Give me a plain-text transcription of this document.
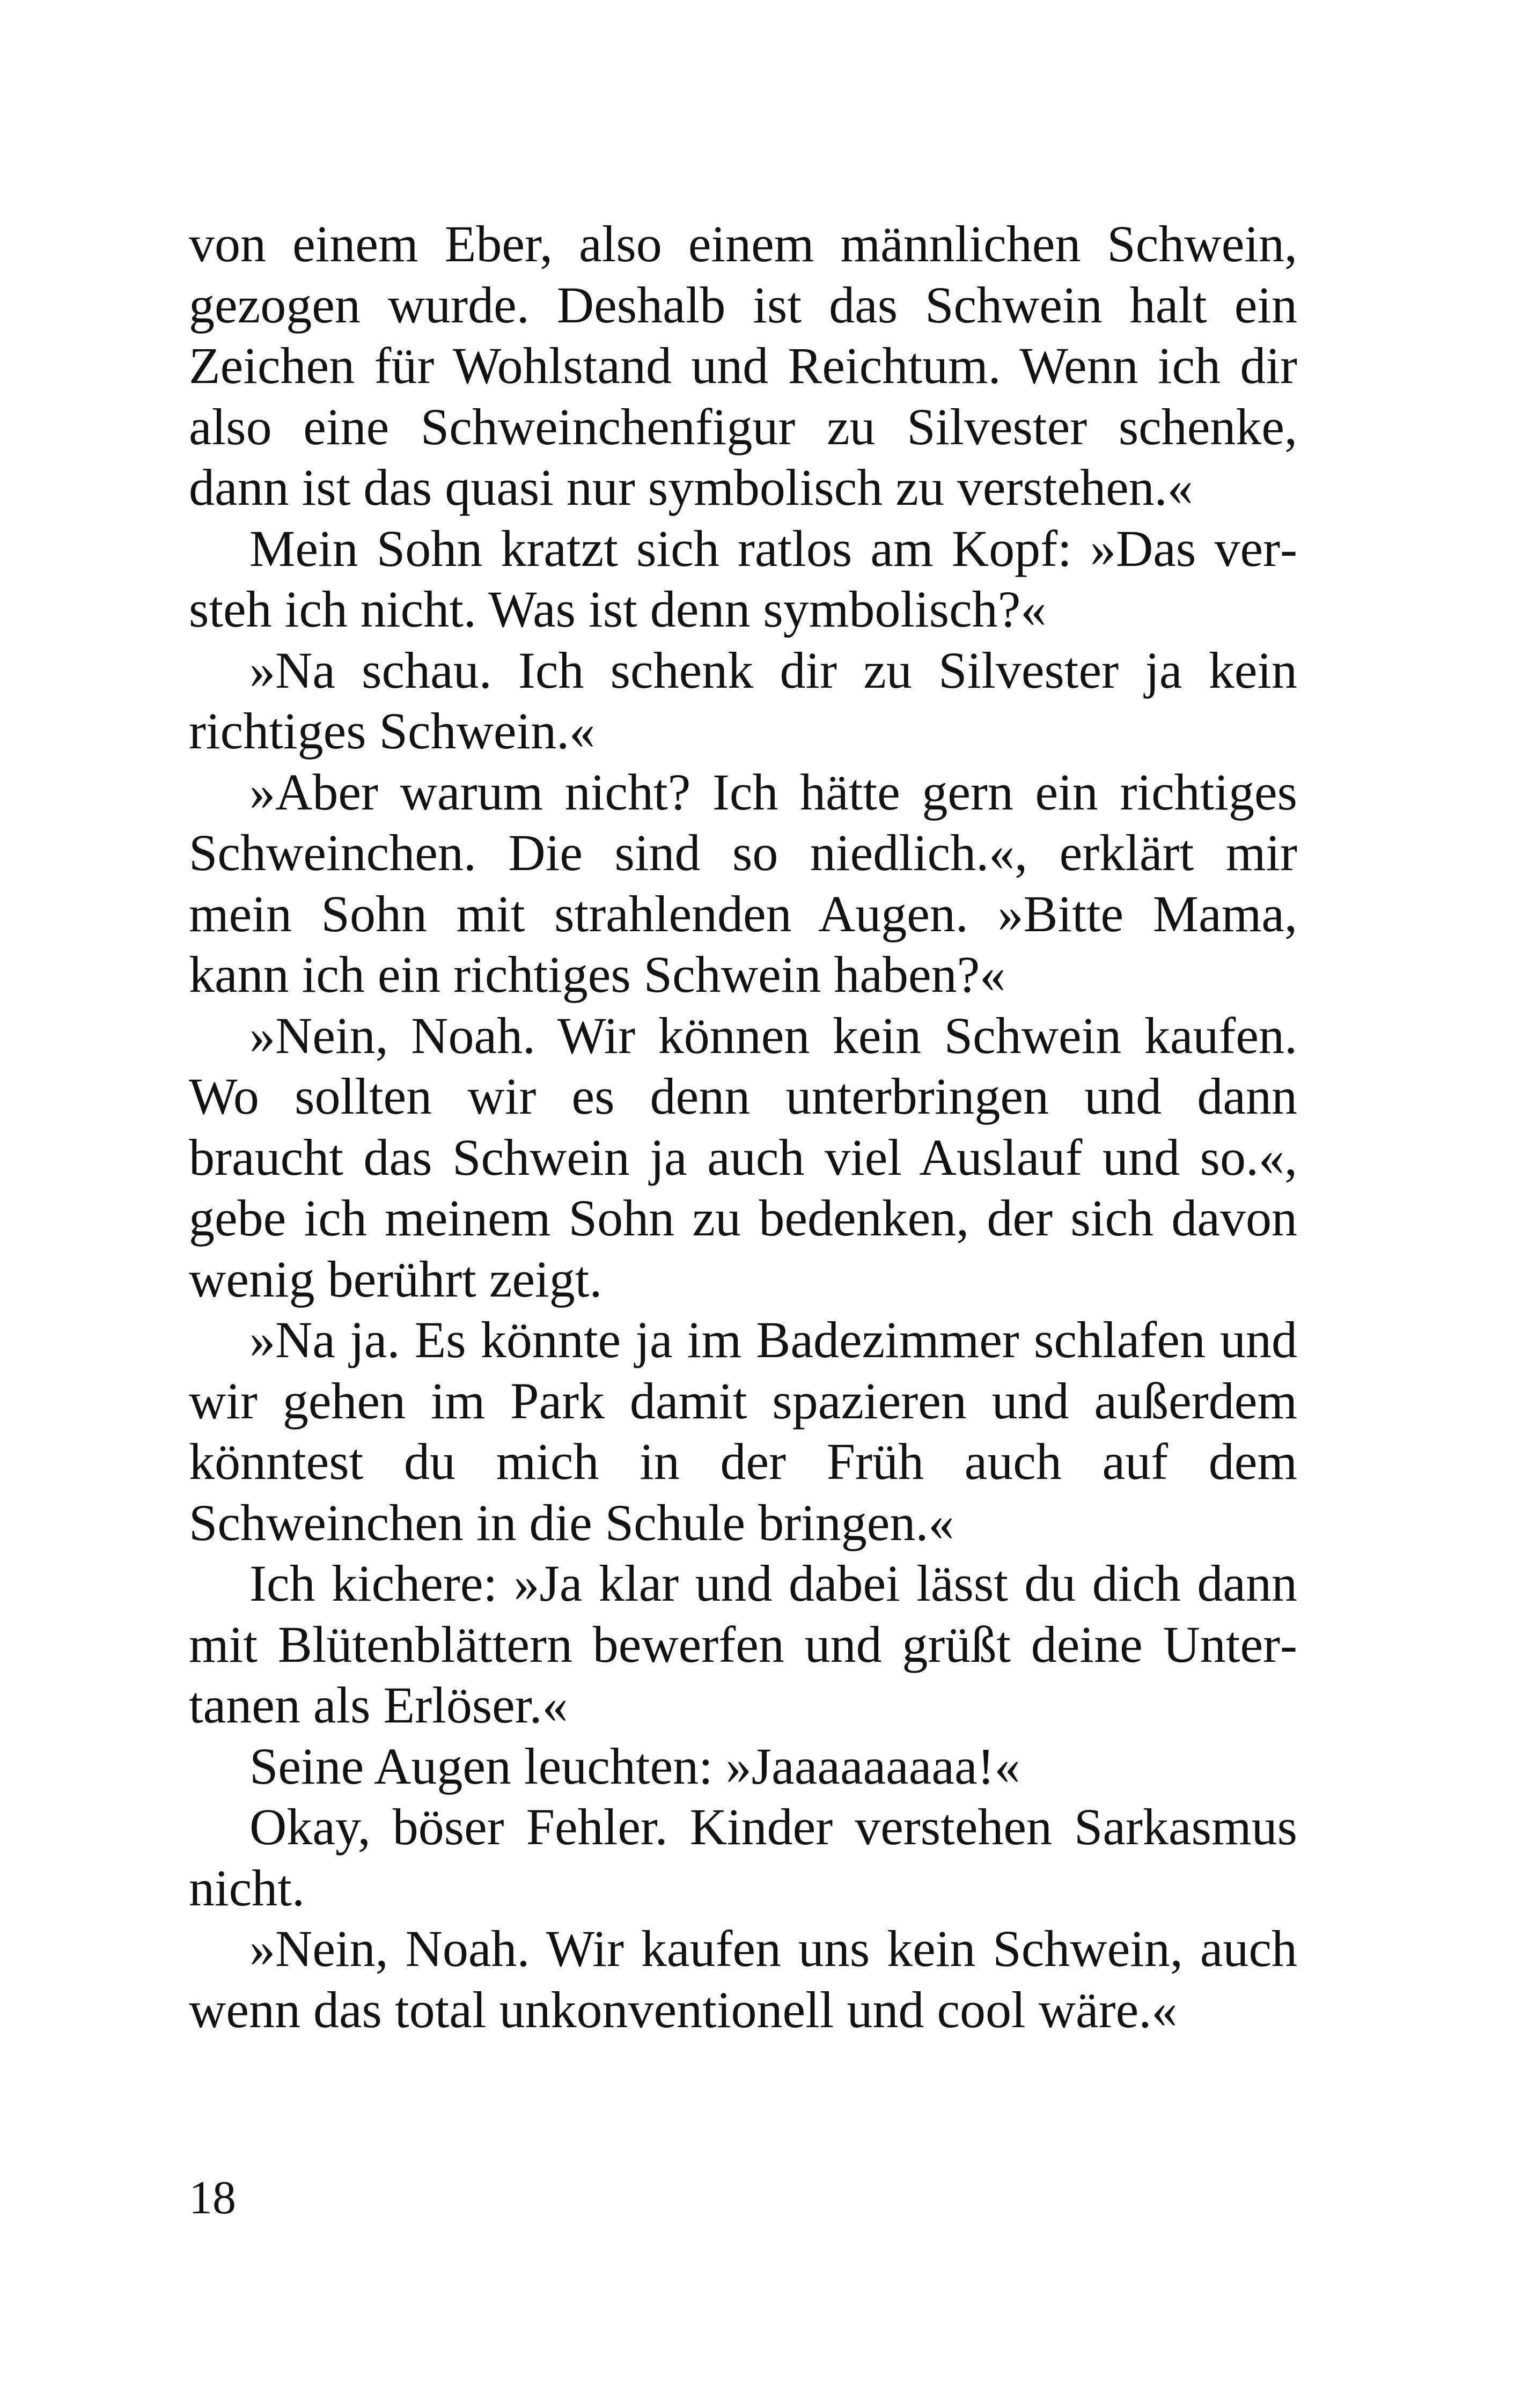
von einem Eber, also einem männlichen Schwein, gezogen wurde. Deshalb ist das Schwein halt ein Zeichen für Wohlstand und Reichtum. Wenn ich dir also eine Schweinchenfigur zu Silvester schenke, dann ist das quasi nur symbolisch zu verstehen.«

Mein Sohn kratzt sich ratlos am Kopf: »Das versteh ich nicht. Was ist denn symbolisch?«

»Na schau. Ich schenk dir zu Silvester ja kein richtiges Schwein.«

»Aber warum nicht? Ich hätte gern ein richtiges Schweinchen. Die sind so niedlich.«, erklärt mir mein Sohn mit strahlenden Augen. »Bitte Mama, kann ich ein richtiges Schwein haben?«

»Nein, Noah. Wir können kein Schwein kaufen. Wo sollten wir es denn unterbringen und dann braucht das Schwein ja auch viel Auslauf und so.«, gebe ich meinem Sohn zu bedenken, der sich davon wenig berührt zeigt.

»Na ja. Es könnte ja im Badezimmer schlafen und wir gehen im Park damit spazieren und außerdem könntest du mich in der Früh auch auf dem Schweinchen in die Schule bringen.«

Ich kichere: »Ja klar und dabei lässt du dich dann mit Blütenblättern bewerfen und grüßt deine Untertanen als Erlöser.«

Seine Augen leuchten: »Jaaaaaaaaa!«

Okay, böser Fehler. Kinder verstehen Sarkasmus nicht.

»Nein, Noah. Wir kaufen uns kein Schwein, auch wenn das total unkonventionell und cool wäre.«

18
